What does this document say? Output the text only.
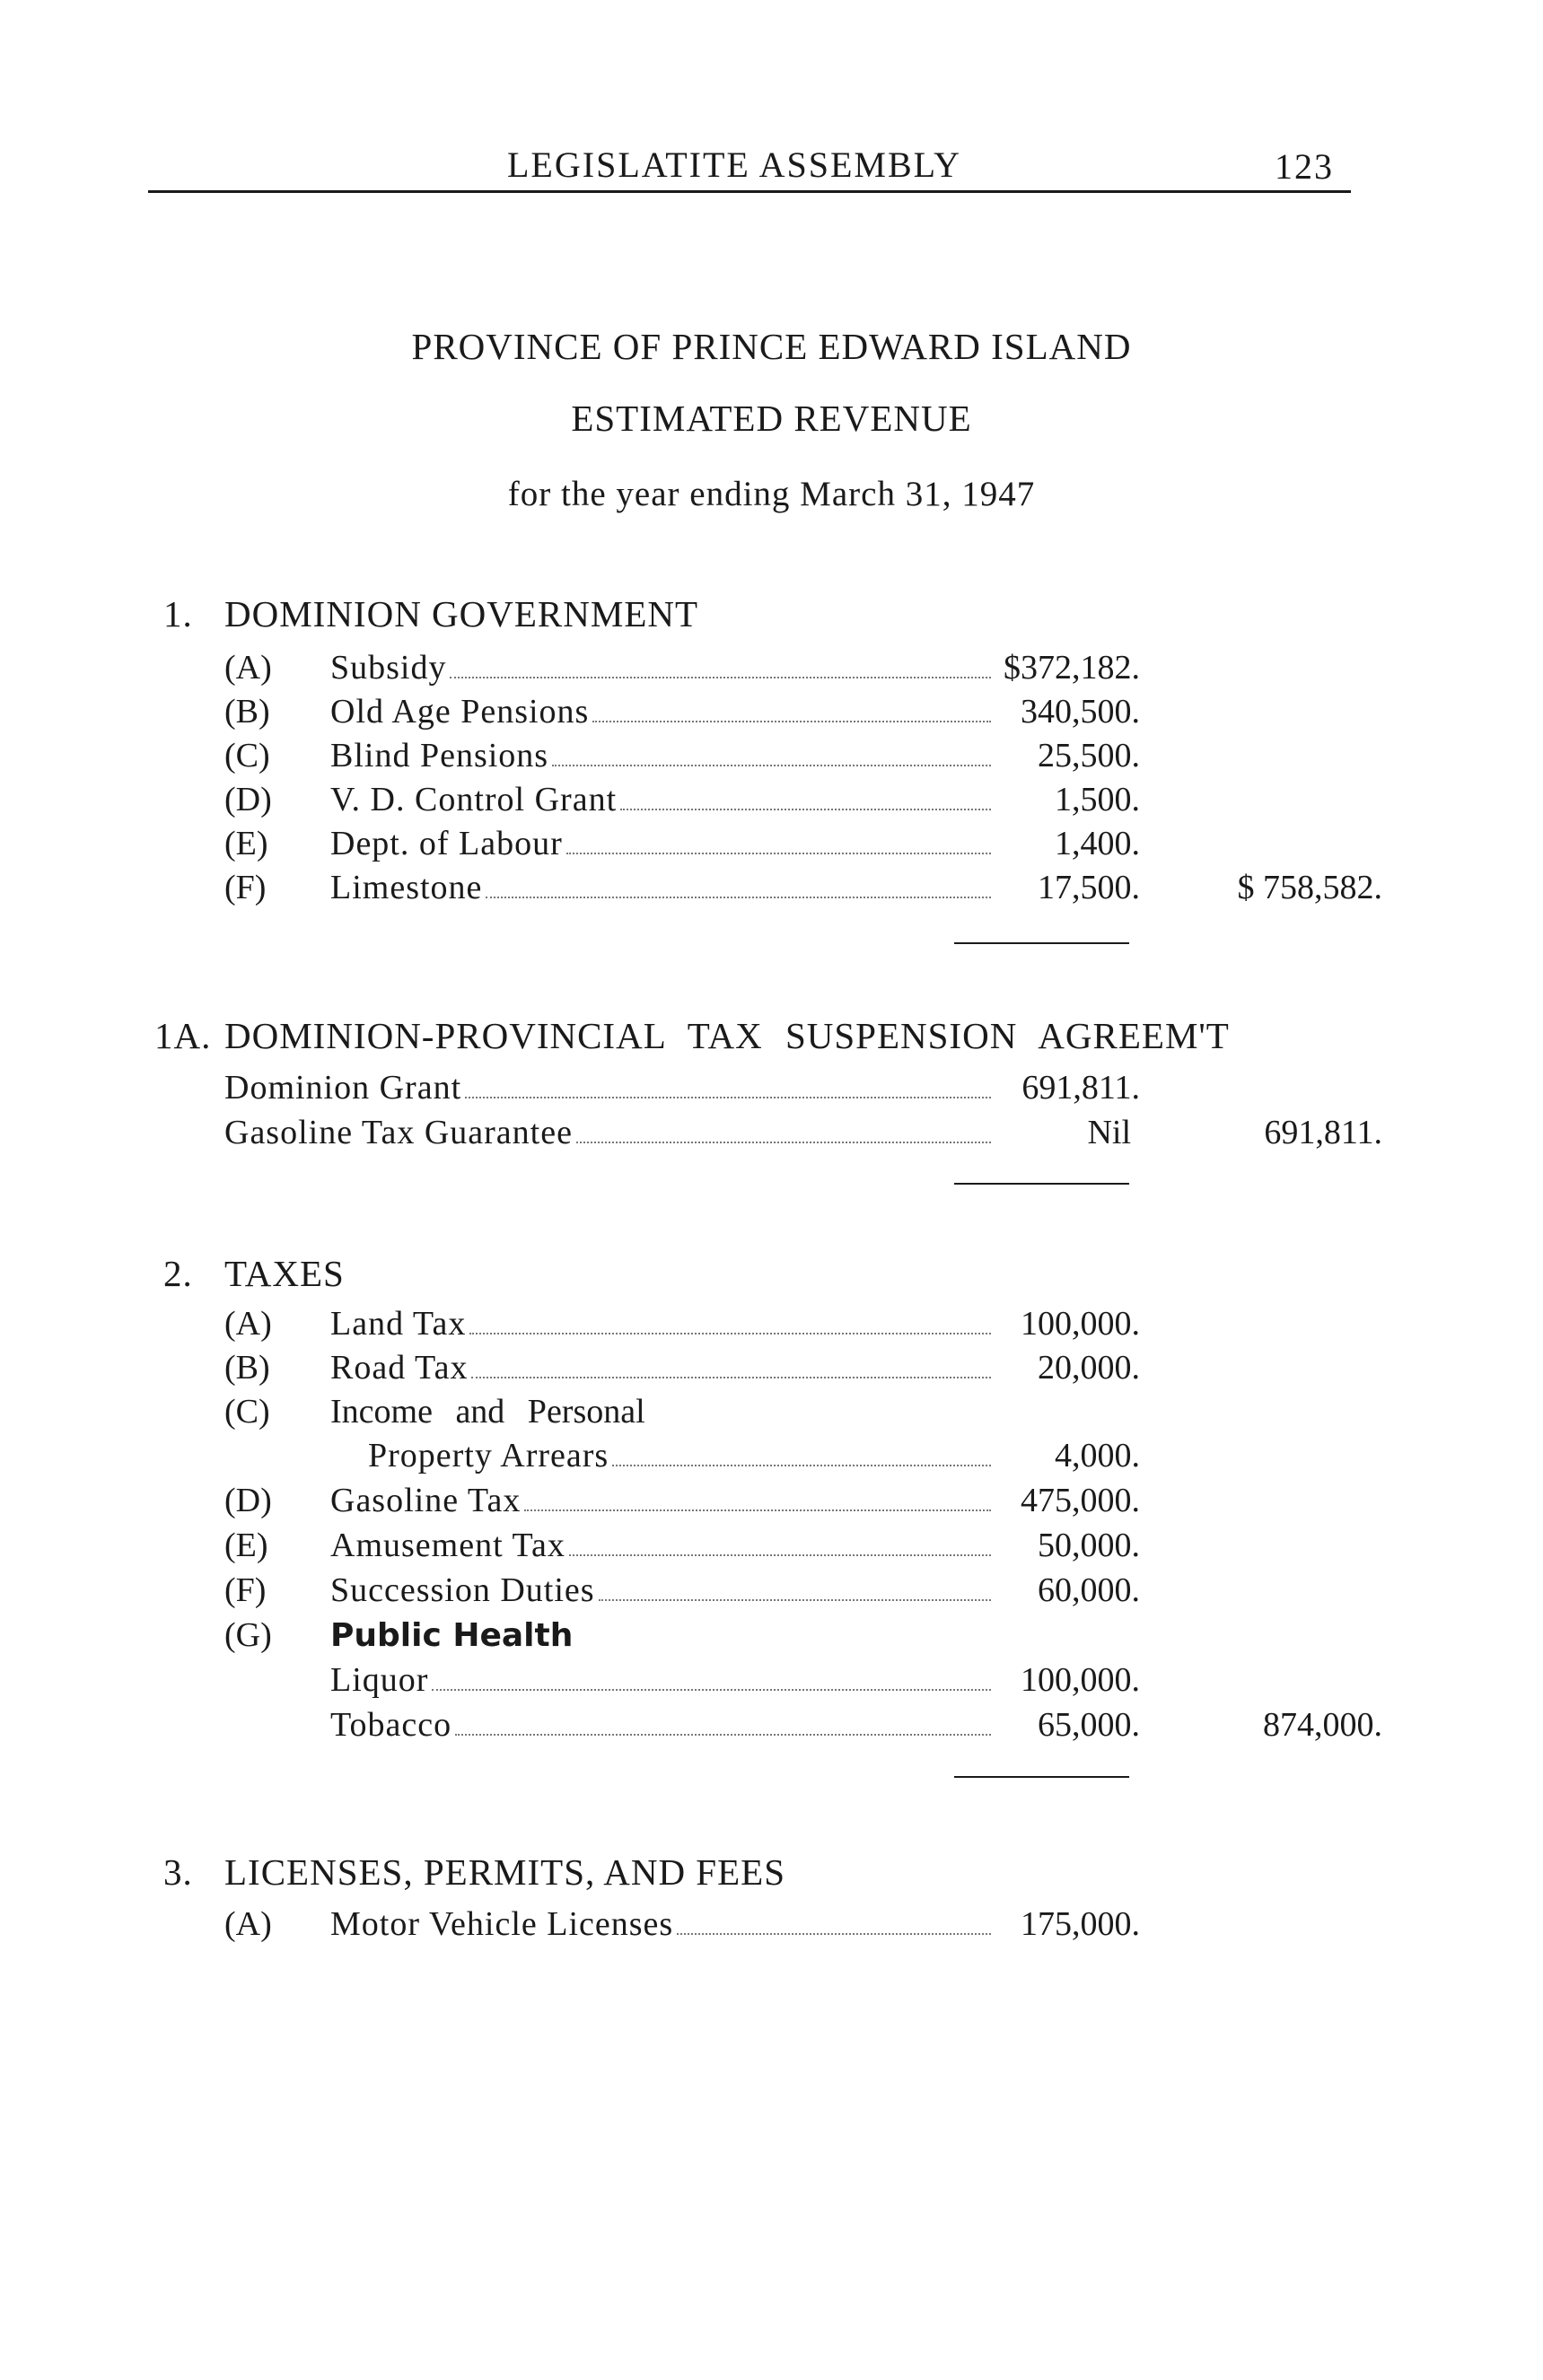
LEGISLATITE ASSEMBLY	123
PROVINCE OF PRINCE EDWARD ISLAND
ESTIMATED REVENUE
for the year ending March 31, 1947
1. DOMINION GOVERNMENT
(A)	Subsidy	$372,182.
(B)	Old Age Pensions	340,500.
(C)	Blind Pensions	25,500.
(D)	V. D. Control Grant	1,500.
(E)	Dept. of Labour	1,400.
(F)	Limestone	17,500.	$ 758,582.
1A. DOMINION-PROVINCIAL TAX SUSPENSION AGREEM'T
Dominion Grant	691,811.
Gasoline Tax Guarantee	Nil	691,811.
2. TAXES
(A)	Land Tax	100,000.
(B)	Road Tax	20,000.
(C)	Income and Personal
Property Arrears	4,000.
(D)	Gasoline Tax	475,000.
(E)	Amusement Tax	50,000.
(F)	Succession Duties	60,000.
(G)	Public Health
Liquor	100,000.
Tobacco	65,000.	874,000.
3. LICENSES, PERMITS, AND FEES
(A)	Motor Vehicle Licenses	175,000.
